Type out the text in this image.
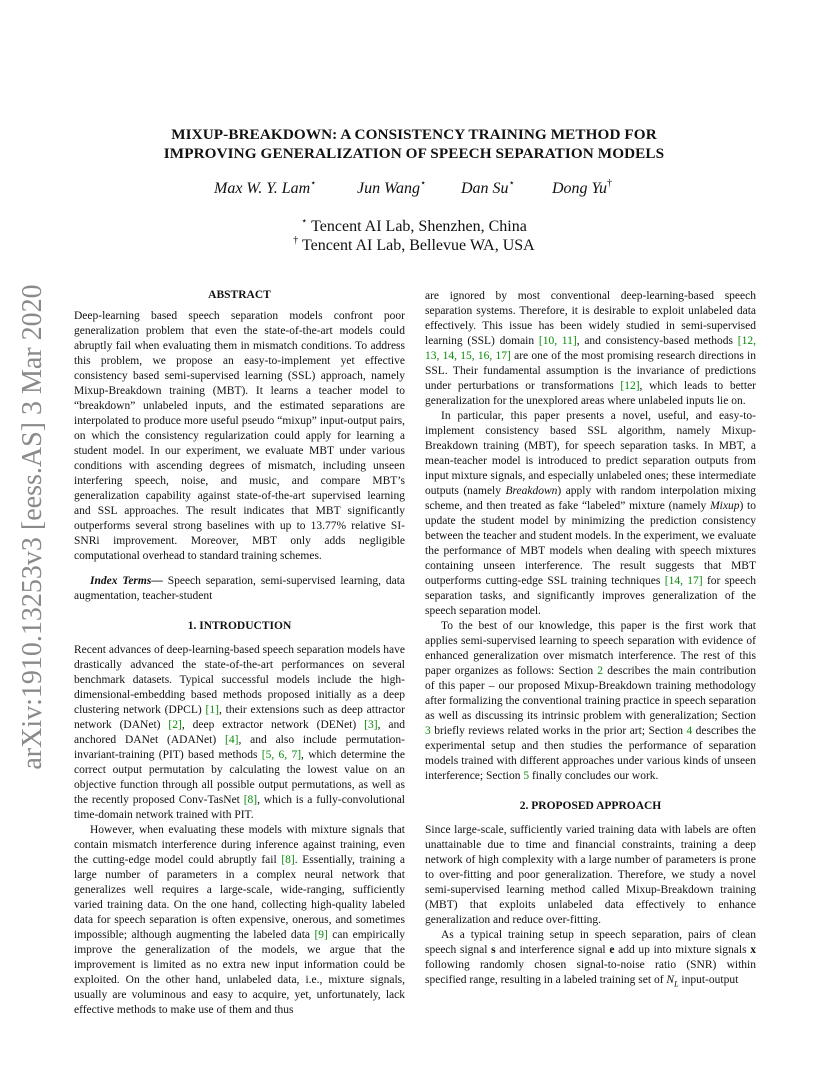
arXiv:1910.13253v3 [eess.AS] 3 Mar 2020
MIXUP-BREAKDOWN: A CONSISTENCY TRAINING METHOD FOR
IMPROVING GENERALIZATION OF SPEECH SEPARATION MODELS
Max W. Y. Lam⋆	Jun Wang⋆ Dan Su⋆ Dong Yu†
⋆ Tencent AI Lab, Shenzhen, China
† Tencent AI Lab, Bellevue WA, USA

ABSTRACT

Deep-learning based speech separation models confront poor generalization problem that even the state-of-the-art models could abruptly fail when evaluating them in mismatch conditions. To address this problem, we propose an easy-to-implement yet effective consistency based semi-supervised learning (SSL) approach, namely Mixup-Breakdown training (MBT). It learns a teacher model to “breakdown” unlabeled inputs, and the estimated separations are interpolated to produce more useful pseudo “mixup” input-output pairs, on which the consistency regularization could apply for learning a student model. In our experiment, we evaluate MBT under various conditions with ascending degrees of mismatch, including unseen interfering speech, noise, and music, and compare MBT’s generalization capability against state-of-the-art supervised learning and SSL approaches. The result indicates that MBT significantly outperforms several strong baselines with up to 13.77% relative SI-SNRi improvement. Moreover, MBT only adds negligible computational overhead to standard training schemes.

Index Terms— Speech separation, semi-supervised learning, data augmentation, teacher-student

1. INTRODUCTION

Recent advances of deep-learning-based speech separation models have drastically advanced the state-of-the-art performances on several benchmark datasets. Typical successful models include the high-dimensional-embedding based methods proposed initially as a deep clustering network (DPCL) [1], their extensions such as deep attractor network (DANet) [2], deep extractor network (DENet) [3], and anchored DANet (ADANet) [4], and also include permutation-invariant-training (PIT) based methods [5, 6, 7], which determine the correct output permutation by calculating the lowest value on an objective function through all possible output permutations, as well as the recently proposed Conv-TasNet [8], which is a fully-convolutional time-domain network trained with PIT.

However, when evaluating these models with mixture signals that contain mismatch interference during inference against training, even the cutting-edge model could abruptly fail [8]. Essentially, training a large number of parameters in a complex neural network that generalizes well requires a large-scale, wide-ranging, sufficiently varied training data. On the one hand, collecting high-quality labeled data for speech separation is often expensive, onerous, and sometimes impossible; although augmenting the labeled data [9] can empirically improve the generalization of the models, we argue that the improvement is limited as no extra new input information could be exploited. On the other hand, unlabeled data, i.e., mixture signals, usually are voluminous and easy to acquire, yet, unfortunately, lack effective methods to make use of them and thus

are ignored by most conventional deep-learning-based speech separation systems. Therefore, it is desirable to exploit unlabeled data effectively. This issue has been widely studied in semi-supervised learning (SSL) domain [10, 11], and consistency-based methods [12, 13, 14, 15, 16, 17] are one of the most promising research directions in SSL. Their fundamental assumption is the invariance of predictions under perturbations or transformations [12], which leads to better generalization for the unexplored areas where unlabeled inputs lie on.

In particular, this paper presents a novel, useful, and easy-to-implement consistency based SSL algorithm, namely Mixup-Breakdown training (MBT), for speech separation tasks. In MBT, a mean-teacher model is introduced to predict separation outputs from input mixture signals, and especially unlabeled ones; these intermediate outputs (namely Breakdown) apply with random interpolation mixing scheme, and then treated as fake “labeled” mixture (namely Mixup) to update the student model by minimizing the prediction consistency between the teacher and student models. In the experiment, we evaluate the performance of MBT models when dealing with speech mixtures containing unseen interference. The result suggests that MBT outperforms cutting-edge SSL training techniques [14, 17] for speech separation tasks, and significantly improves generalization of the speech separation model.

To the best of our knowledge, this paper is the first work that applies semi-supervised learning to speech separation with evidence of enhanced generalization over mismatch interference. The rest of this paper organizes as follows: Section 2 describes the main contribution of this paper – our proposed Mixup-Breakdown training methodology after formalizing the conventional training practice in speech separation as well as discussing its intrinsic problem with generalization; Section 3 briefly reviews related works in the prior art; Section 4 describes the experimental setup and then studies the performance of separation models trained with different approaches under various kinds of unseen interference; Section 5 finally concludes our work.

2. PROPOSED APPROACH

Since large-scale, sufficiently varied training data with labels are often unattainable due to time and financial constraints, training a deep network of high complexity with a large number of parameters is prone to over-fitting and poor generalization. Therefore, we study a novel semi-supervised learning method called Mixup-Breakdown training (MBT) that exploits unlabeled data effectively to enhance generalization and reduce over-fitting.

As a typical training setup in speech separation, pairs of clean speech signal s and interference signal e add up into mixture signals x following randomly chosen signal-to-noise ratio (SNR) within specified range, resulting in a labeled training set of $N_L$ input-output
